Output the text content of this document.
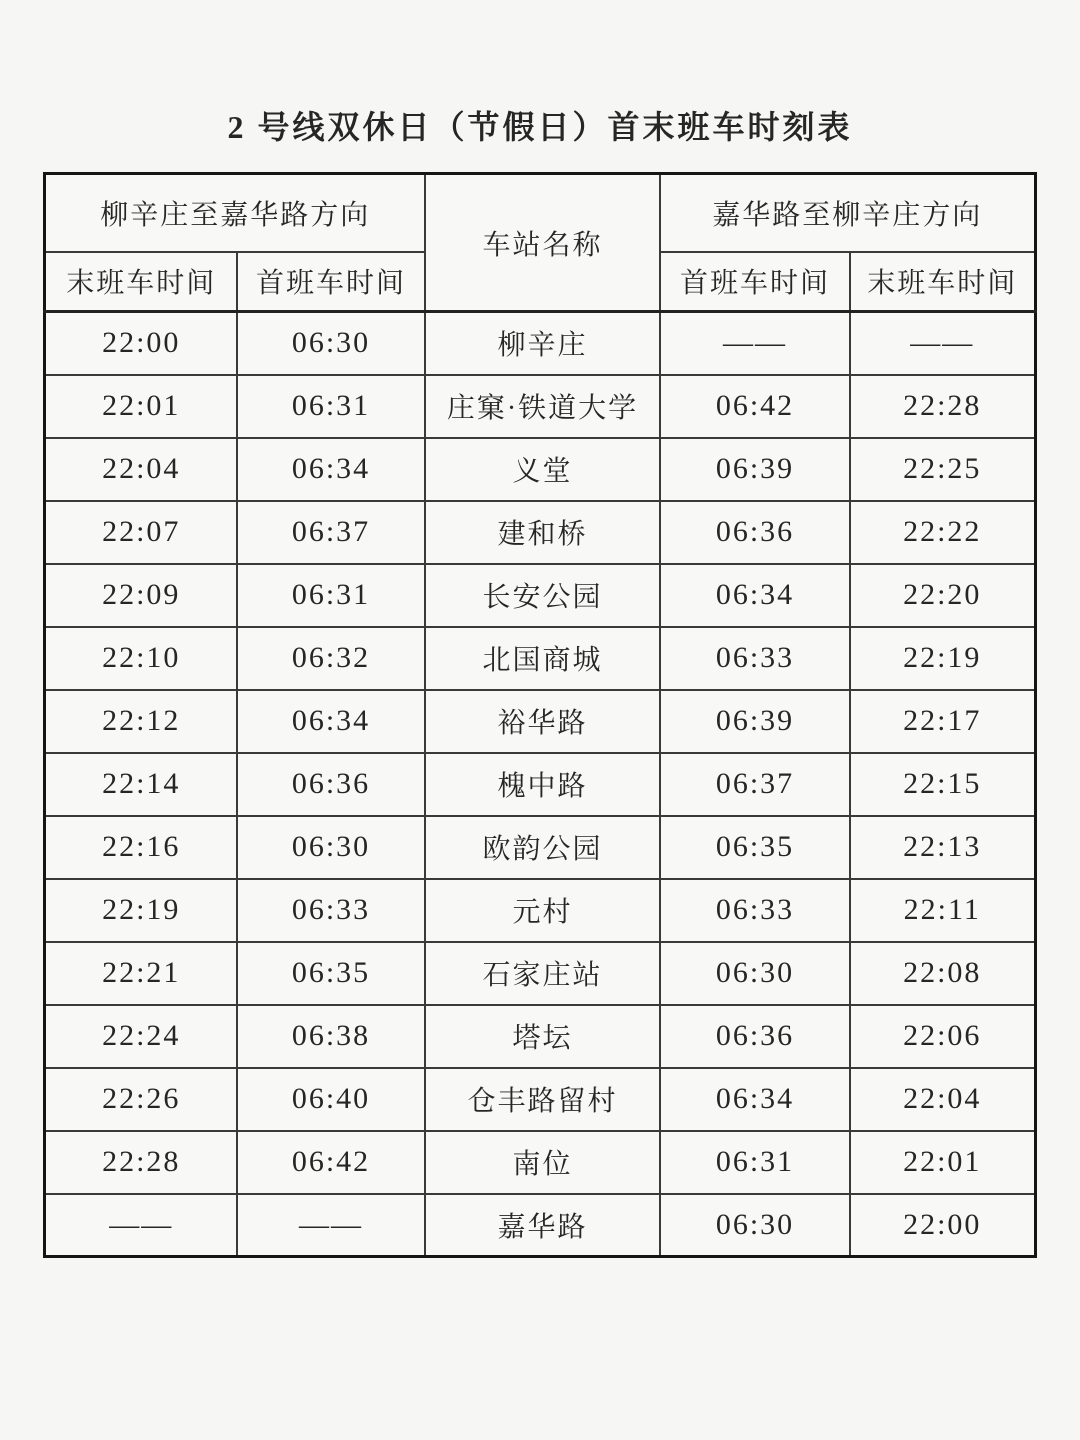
2 号线双休日（节假日）首末班车时刻表
柳辛庄至嘉华路方向		车站名称	嘉华路至柳辛庄方向	
末班车时间	首班车时间		首班车时间	末班车时间
22:00	06:30	柳辛庄	——	——
22:01	06:31	庄窠·铁道大学	06:42	22:28
22:04	06:34	义堂	06:39	22:25
22:07	06:37	建和桥	06:36	22:22
22:09	06:31	长安公园	06:34	22:20
22:10	06:32	北国商城	06:33	22:19
22:12	06:34	裕华路	06:39	22:17
22:14	06:36	槐中路	06:37	22:15
22:16	06:30	欧韵公园	06:35	22:13
22:19	06:33	元村	06:33	22:11
22:21	06:35	石家庄站	06:30	22:08
22:24	06:38	塔坛	06:36	22:06
22:26	06:40	仓丰路留村	06:34	22:04
22:28	06:42	南位	06:31	22:01
——	——	嘉华路	06:30	22:00
